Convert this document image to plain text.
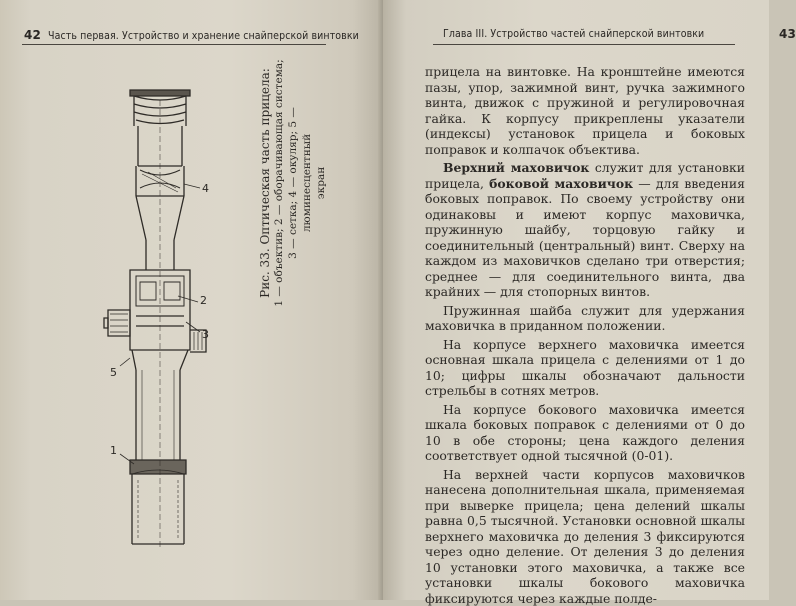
42 Часть первая. Устройство и хранение снайперской винтовки
4
2
3
5
1
Рис. 33. Оптическая часть прицела: 1 — объектив; 2 — оборачивающая система; 3 — сетка; 4 — окуляр; 5 — люминесцентный экран
Глава III. Устройство частей снайперской винтовки	43

прицела на винтовке. На кронштейне имеются пазы, упор, зажимной винт, ручка зажимного винта, движок с пружиной и регулировочная гайка. К корпусу прикреплены указатели (индексы) установок прицела и боковых поправок и колпачок объектива.

Верхний маховичок служит для установки прицела, боковой маховичок — для введения боковых поправок. По своему устройству они одинаковы и имеют корпус маховичка, пружинную шайбу, торцовую гайку и соединительный (центральный) винт. Сверху на каждом из маховичков сделано три отверстия; среднее — для соединительного винта, два крайних — для стопорных винтов.

Пружинная шайба служит для удержания маховичка в приданном положении.

На корпусе верхнего маховичка имеется основная шкала прицела с делениями от 1 до 10; цифры шкалы обозначают дальности стрельбы в сотнях метров.

На корпусе бокового маховичка имеется шкала боковых поправок с делениями от 0 до 10 в обе стороны; цена каждого деления соответствует одной тысячной (0-01).

На верхней части корпусов маховичков нанесена дополнительная шкала, применяемая при выверке прицела; цена делений шкалы равна 0,5 тысячной. Установки основной шкалы верхнего маховичка до деления 3 фиксируются через одно деление. От деления 3 до деления 10 установки этого маховичка, а также все установки шкалы бокового маховичка фиксируются через каждые полде-
